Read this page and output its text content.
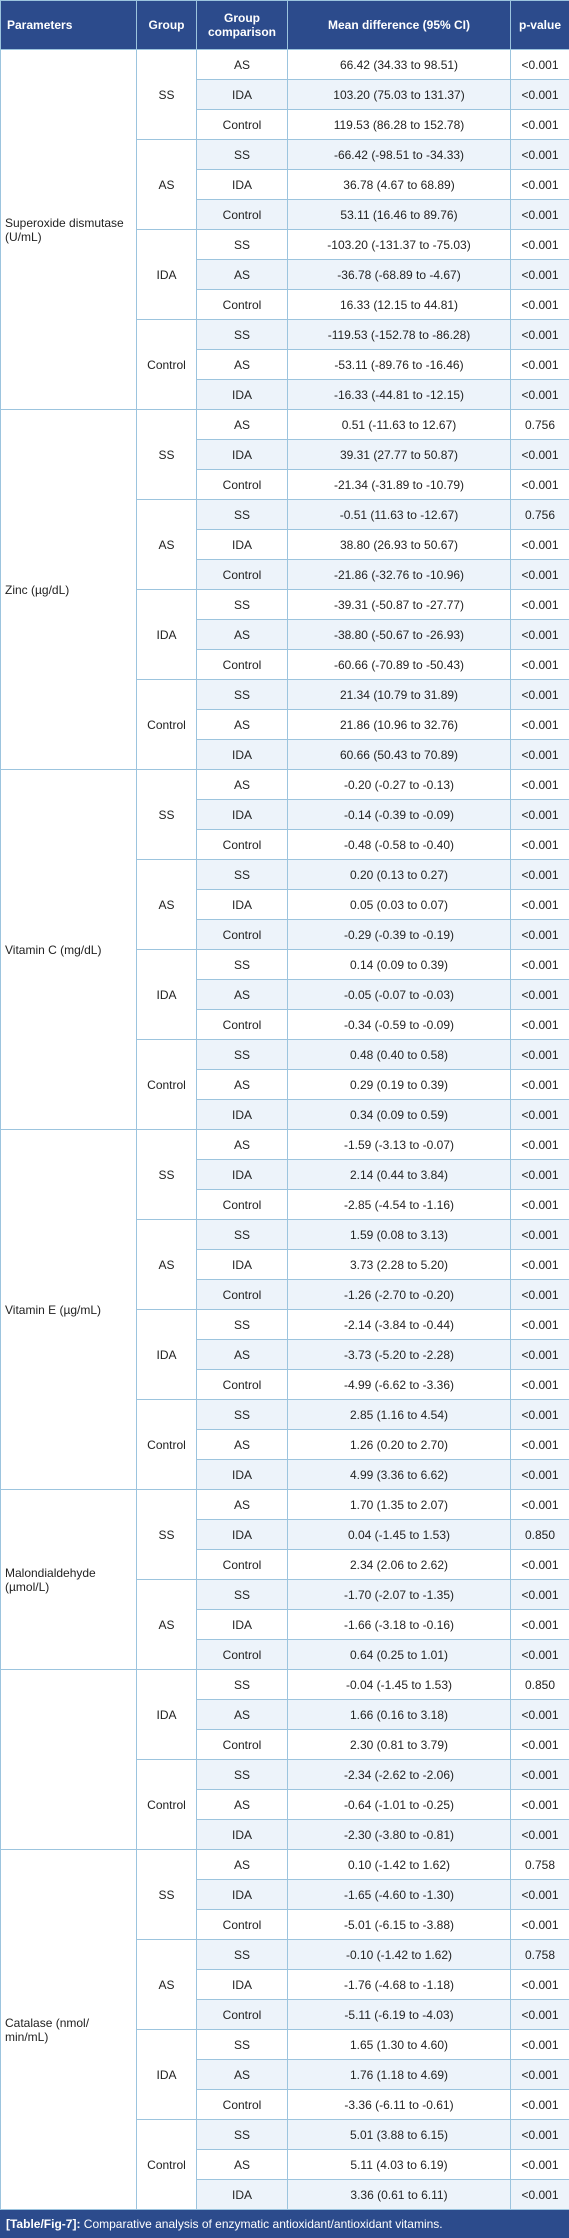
Parameters	Group	Group comparison	Mean difference (95% CI)	p-value
Superoxide dismutase (U/mL)	SS	AS	66.42 (34.33 to 98.51)	<0.001
		IDA	103.20 (75.03 to 131.37)	<0.001
		Control	119.53 (86.28 to 152.78)	<0.001
	AS	SS	-66.42 (-98.51 to -34.33)	<0.001
		IDA	36.78 (4.67 to 68.89)	<0.001
		Control	53.11 (16.46 to 89.76)	<0.001
	IDA	SS	-103.20 (-131.37 to -75.03)	<0.001
		AS	-36.78 (-68.89 to -4.67)	<0.001
		Control	16.33 (12.15 to 44.81)	<0.001
	Control	SS	-119.53 (-152.78 to -86.28)	<0.001
		AS	-53.11 (-89.76 to -16.46)	<0.001
		IDA	-16.33 (-44.81 to -12.15)	<0.001
Zinc (µg/dL)	SS	AS	0.51 (-11.63 to 12.67)	0.756
		IDA	39.31 (27.77 to 50.87)	<0.001
		Control	-21.34 (-31.89 to -10.79)	<0.001
	AS	SS	-0.51 (11.63 to -12.67)	0.756
		IDA	38.80 (26.93 to 50.67)	<0.001
		Control	-21.86 (-32.76 to -10.96)	<0.001
	IDA	SS	-39.31 (-50.87 to -27.77)	<0.001
		AS	-38.80 (-50.67 to -26.93)	<0.001
		Control	-60.66 (-70.89 to -50.43)	<0.001
	Control	SS	21.34 (10.79 to 31.89)	<0.001
		AS	21.86 (10.96 to 32.76)	<0.001
		IDA	60.66 (50.43 to 70.89)	<0.001
Vitamin C (mg/dL)	SS	AS	-0.20 (-0.27 to -0.13)	<0.001
		IDA	-0.14 (-0.39 to -0.09)	<0.001
		Control	-0.48 (-0.58 to -0.40)	<0.001
	AS	SS	0.20 (0.13 to 0.27)	<0.001
		IDA	0.05 (0.03 to 0.07)	<0.001
		Control	-0.29 (-0.39 to -0.19)	<0.001
	IDA	SS	0.14 (0.09 to 0.39)	<0.001
		AS	-0.05 (-0.07 to -0.03)	<0.001
		Control	-0.34 (-0.59 to -0.09)	<0.001
	Control	SS	0.48 (0.40 to 0.58)	<0.001
		AS	0.29 (0.19 to 0.39)	<0.001
		IDA	0.34 (0.09 to 0.59)	<0.001
Vitamin E (µg/mL)	SS	AS	-1.59 (-3.13 to -0.07)	<0.001
		IDA	2.14 (0.44 to 3.84)	<0.001
		Control	-2.85 (-4.54 to -1.16)	<0.001
	AS	SS	1.59 (0.08 to 3.13)	<0.001
		IDA	3.73 (2.28 to 5.20)	<0.001
		Control	-1.26 (-2.70 to -0.20)	<0.001
	IDA	SS	-2.14 (-3.84 to -0.44)	<0.001
		AS	-3.73 (-5.20 to -2.28)	<0.001
		Control	-4.99 (-6.62 to -3.36)	<0.001
	Control	SS	2.85 (1.16 to 4.54)	<0.001
		AS	1.26 (0.20 to 2.70)	<0.001
		IDA	4.99 (3.36 to 6.62)	<0.001
Malondialdehyde (µmol/L)	SS	AS	1.70 (1.35 to 2.07)	<0.001
		IDA	0.04 (-1.45 to 1.53)	0.850
		Control	2.34 (2.06 to 2.62)	<0.001
	AS	SS	-1.70 (-2.07 to -1.35)	<0.001
		IDA	-1.66 (-3.18 to -0.16)	<0.001
		Control	0.64 (0.25 to 1.01)	<0.001
	IDA	SS	-0.04 (-1.45 to 1.53)	0.850
		AS	1.66 (0.16 to 3.18)	<0.001
		Control	2.30 (0.81 to 3.79)	<0.001
	Control	SS	-2.34 (-2.62 to -2.06)	<0.001
		AS	-0.64 (-1.01 to -0.25)	<0.001
		IDA	-2.30 (-3.80 to -0.81)	<0.001
Catalase (nmol/ min/mL)	SS	AS	0.10 (-1.42 to 1.62)	0.758
		IDA	-1.65 (-4.60 to -1.30)	<0.001
		Control	-5.01 (-6.15 to -3.88)	<0.001
	AS	SS	-0.10 (-1.42 to 1.62)	0.758
		IDA	-1.76 (-4.68 to -1.18)	<0.001
		Control	-5.11 (-6.19 to -4.03)	<0.001
	IDA	SS	1.65 (1.30 to 4.60)	<0.001
		AS	1.76 (1.18 to 4.69)	<0.001
		Control	-3.36 (-6.11 to -0.61)	<0.001
	Control	SS	5.01 (3.88 to 6.15)	<0.001
		AS	5.11 (4.03 to 6.19)	<0.001
		IDA	3.36 (0.61 to 6.11)	<0.001
[Table/Fig-7]: Comparative analysis of enzymatic antioxidant/antioxidant vitamins.
